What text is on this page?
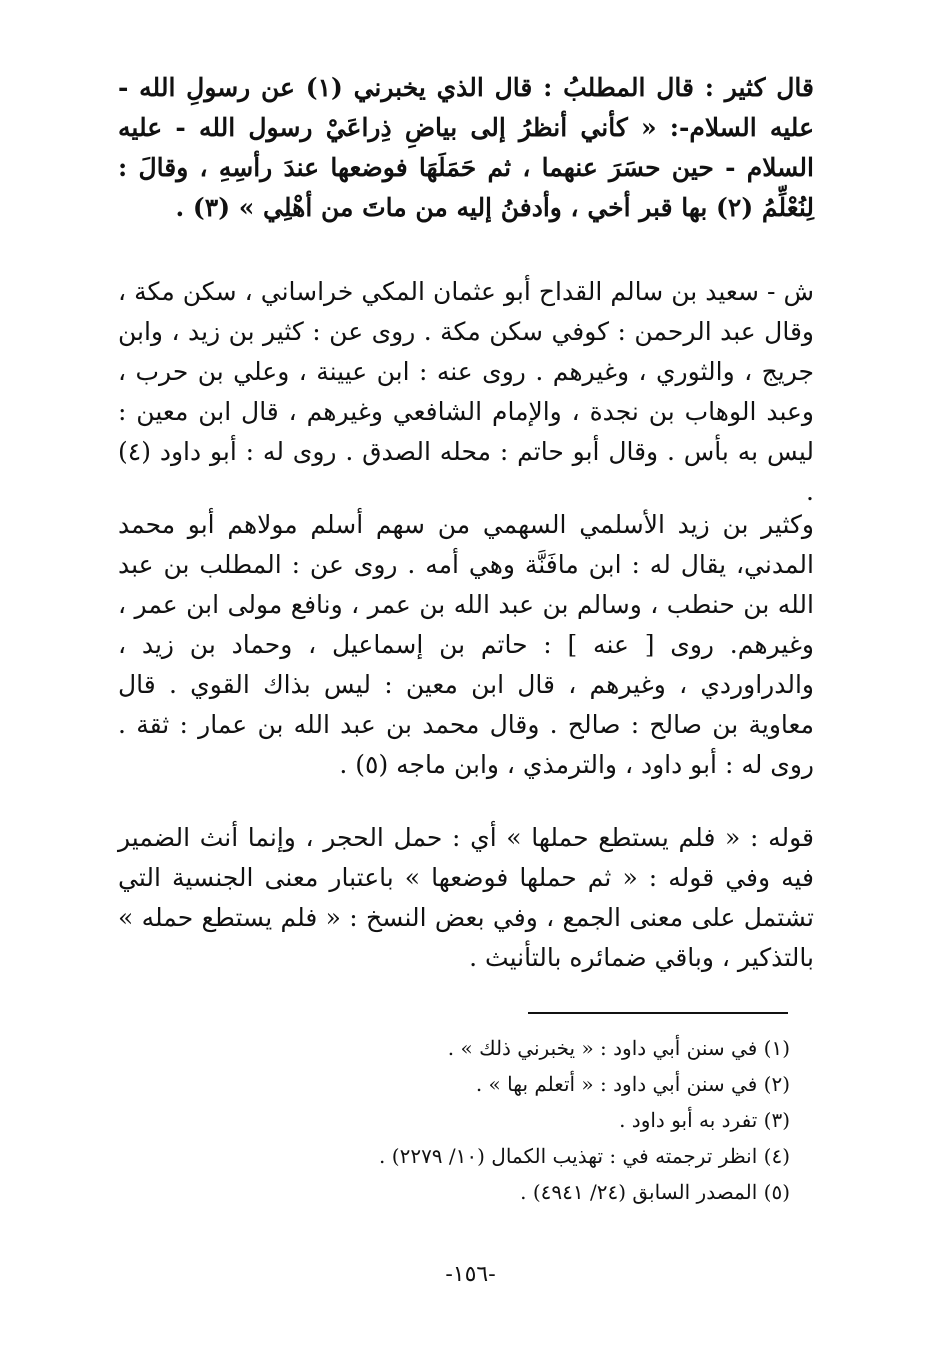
قال كثير : قال المطلبُ : قال الذي يخبرني (١) عن رسولِ الله - عليه السلام-: « كأني أنظرُ إلى بياضِ ذِراعَيْ رسول الله - عليه السلام - حين حسَرَ عنهما ، ثم حَمَلَهَا فوضعها عندَ رأسِهِ ، وقالَ : لِنُعْلِّمُ (٢) بها قبر أخي ، وأدفنُ إليه من ماتَ من أهْلِي » (٣) .

ش - سعيد بن سالم القداح أبو عثمان المكي خراساني ، سكن مكة ، وقال عبد الرحمن : كوفي سكن مكة . روى عن : كثير بن زيد ، وابن جريج ، والثوري ، وغيرهم . روى عنه : ابن عيينة ، وعلي بن حرب ، وعبد الوهاب بن نجدة ، والإمام الشافعي وغيرهم ، قال ابن معين : ليس به بأس . وقال أبو حاتم : محله الصدق . روى له : أبو داود (٤) .

وكثير بن زيد الأسلمي السهمي من سهم أسلم مولاهم أبو محمد المدني، يقال له : ابن مافَنَّة وهي أمه . روى عن : المطلب بن عبد الله بن حنطب ، وسالم بن عبد الله بن عمر ، ونافع مولى ابن عمر ، وغيرهم. روى [ عنه ] : حاتم بن إسماعيل ، وحماد بن زيد ، والدراوردي ، وغيرهم ، قال ابن معين : ليس بذاك القوي . قال معاوية بن صالح : صالح . وقال محمد بن عبد الله بن عمار : ثقة . روى له : أبو داود ، والترمذي ، وابن ماجه (٥) .

قوله : « فلم يستطع حملها » أي : حمل الحجر ، وإنما أنث الضمير فيه وفي قوله : « ثم حملها فوضعها » باعتبار معنى الجنسية التي تشتمل على معنى الجمع ، وفي بعض النسخ : « فلم يستطع حمله » بالتذكير ، وباقي ضمائره بالتأنيث .

(١) في سنن أبي داود : « يخبرني ذلك » .

(٢) في سنن أبي داود : « أتعلم بها » .

(٣) تفرد به أبو داود .

(٤) انظر ترجمته في : تهذيب الكمال (١٠/ ٢٢٧٩) .

(٥) المصدر السابق (٢٤/ ٤٩٤١) .

-١٥٦-
